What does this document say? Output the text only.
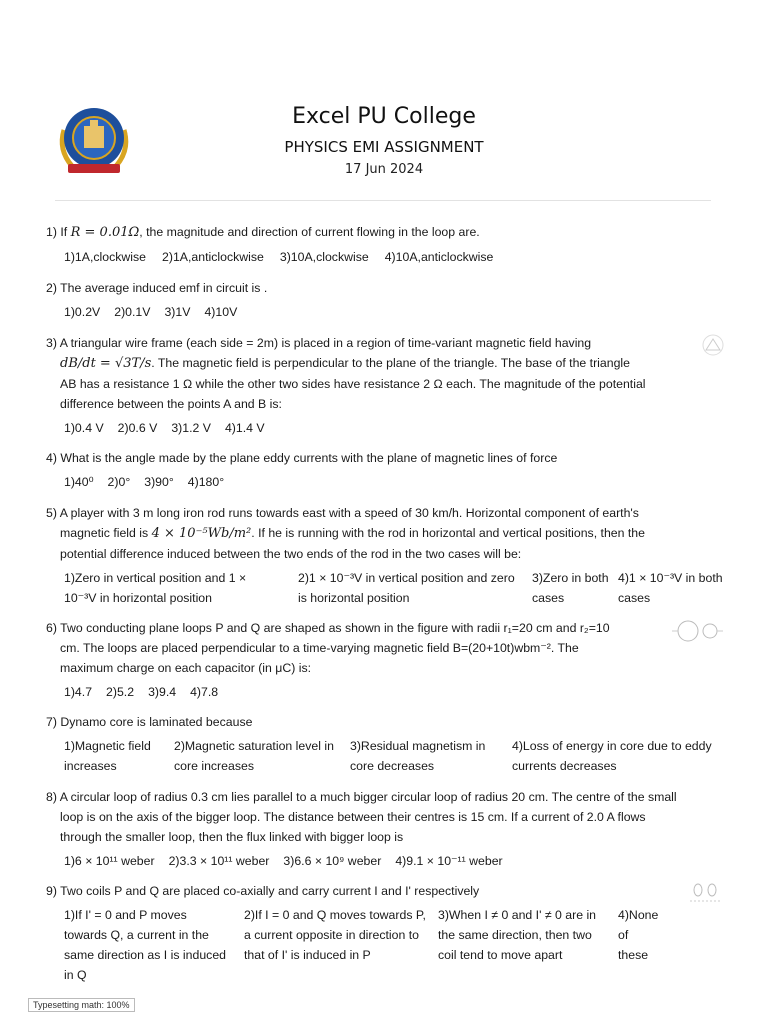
Excel PU College
PHYSICS EMI ASSIGNMENT
17 Jun 2024
1) If R = 0.01Ω, the magnitude and direction of current flowing in the loop are.
1)1A,clockwise 2)1A,anticlockwise 3)10A,clockwise 4)10A,anticlockwise
2) The average induced emf in circuit is .
1)0.2V 2)0.1V 3)1V 4)10V
3) A triangular wire frame (each side = 2m) is placed in a region of time-variant magnetic field having
dB/dt = √3T/s. The magnetic field is perpendicular to the plane of the triangle. The base of the triangle
AB has a resistance 1 Ω while the other two sides have resistance 2 Ω each. The magnitude of the potential
difference between the points A and B is:
1)0.4 V 2)0.6 V 3)1.2 V 4)1.4 V
4) What is the angle made by the plane eddy currents with the plane of magnetic lines of force
1)40⁰ 2)0° 3)90° 4)180°
5) A player with 3 m long iron rod runs towards east with a speed of 30 km/h. Horizontal component of earth's
magnetic field is 4 × 10⁻⁵Wb/m². If he is running with the rod in horizontal and vertical positions, then the
potential difference induced between the two ends of the rod in the two cases will be:
1)Zero in vertical position and 1 × 10⁻³V in horizontal position
2)1 × 10⁻³V in vertical position and zero is horizontal position
3)Zero in both cases
4)1 × 10⁻³V in both cases
6) Two conducting plane loops P and Q are shaped as shown in the figure with radii r₁=20 cm and r₂=10
cm. The loops are placed perpendicular to a time-varying magnetic field B=(20+10t)wbm⁻². The
maximum charge on each capacitor (in μC) is:
1)4.7 2)5.2 3)9.4 4)7.8
7) Dynamo core is laminated because
1)Magnetic field increases
2)Magnetic saturation level in core increases
3)Residual magnetism in core decreases
4)Loss of energy in core due to eddy currents decreases
8) A circular loop of radius 0.3 cm lies parallel to a much bigger circular loop of radius 20 cm. The centre of the small
loop is on the axis of the bigger loop. The distance between their centres is 15 cm. If a current of 2.0 A flows
through the smaller loop, then the flux linked with bigger loop is
1)6 × 10¹¹ weber 2)3.3 × 10¹¹ weber 3)6.6 × 10⁹ weber 4)9.1 × 10⁻¹¹ weber
9) Two coils P and Q are placed co-axially and carry current I and I' respectively
1)If I' = 0 and P moves towards Q, a current in the same direction as I is induced in Q
2)If I = 0 and Q moves towards P, a current opposite in direction to that of I' is induced in P
3)When I ≠ 0 and I' ≠ 0 are in the same direction, then two coil tend to move apart
4)None of these
Typesetting math: 100%
